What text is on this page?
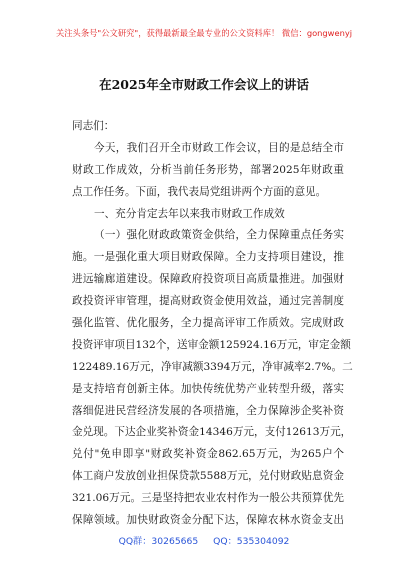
关注头条号"公文研究"，获得最新最全最专业的公文资料库！ 微信：gongwenyj
在2025年全市财政工作会议上的讲话
同志们：
今天，我们召开全市财政工作会议，目的是总结全市
财政工作成效，分析当前任务形势，部署2025年财政重
点工作任务。下面，我代表局党组讲两个方面的意见。
一、充分肯定去年以来我市财政工作成效
（一）强化财政政策资金供给，全力保障重点任务实
施。一是强化重大项目财政保障。全力支持项目建设，推
进远输廊道建设。保障政府投资项目高质量推进。加强财
政投资评审管理，提高财政资金使用效益，通过完善制度
强化监管、优化服务，全力提高评审工作质效。完成财政
投资评审项目132个，送审金额125924.16万元，审定金额
122489.16万元，净审减额3394万元，净审减率2.7%。二
是支持培育创新主体。加快传统优势产业转型升级，落实
落细促进民营经济发展的各项措施，全力保障涉企奖补资
金兑现。下达企业奖补资金14346万元，支付12613万元，
兑付"免申即享"财政奖补资金862.65万元，为265户个
体工商户发放创业担保贷款5588万元，兑付财政贴息资金
321.06万元。三是坚持把农业农村作为一般公共预算优先
保障领域。加快财政资金分配下达，保障农林水资金支出
QQ群：30265665 QQ：535304092
